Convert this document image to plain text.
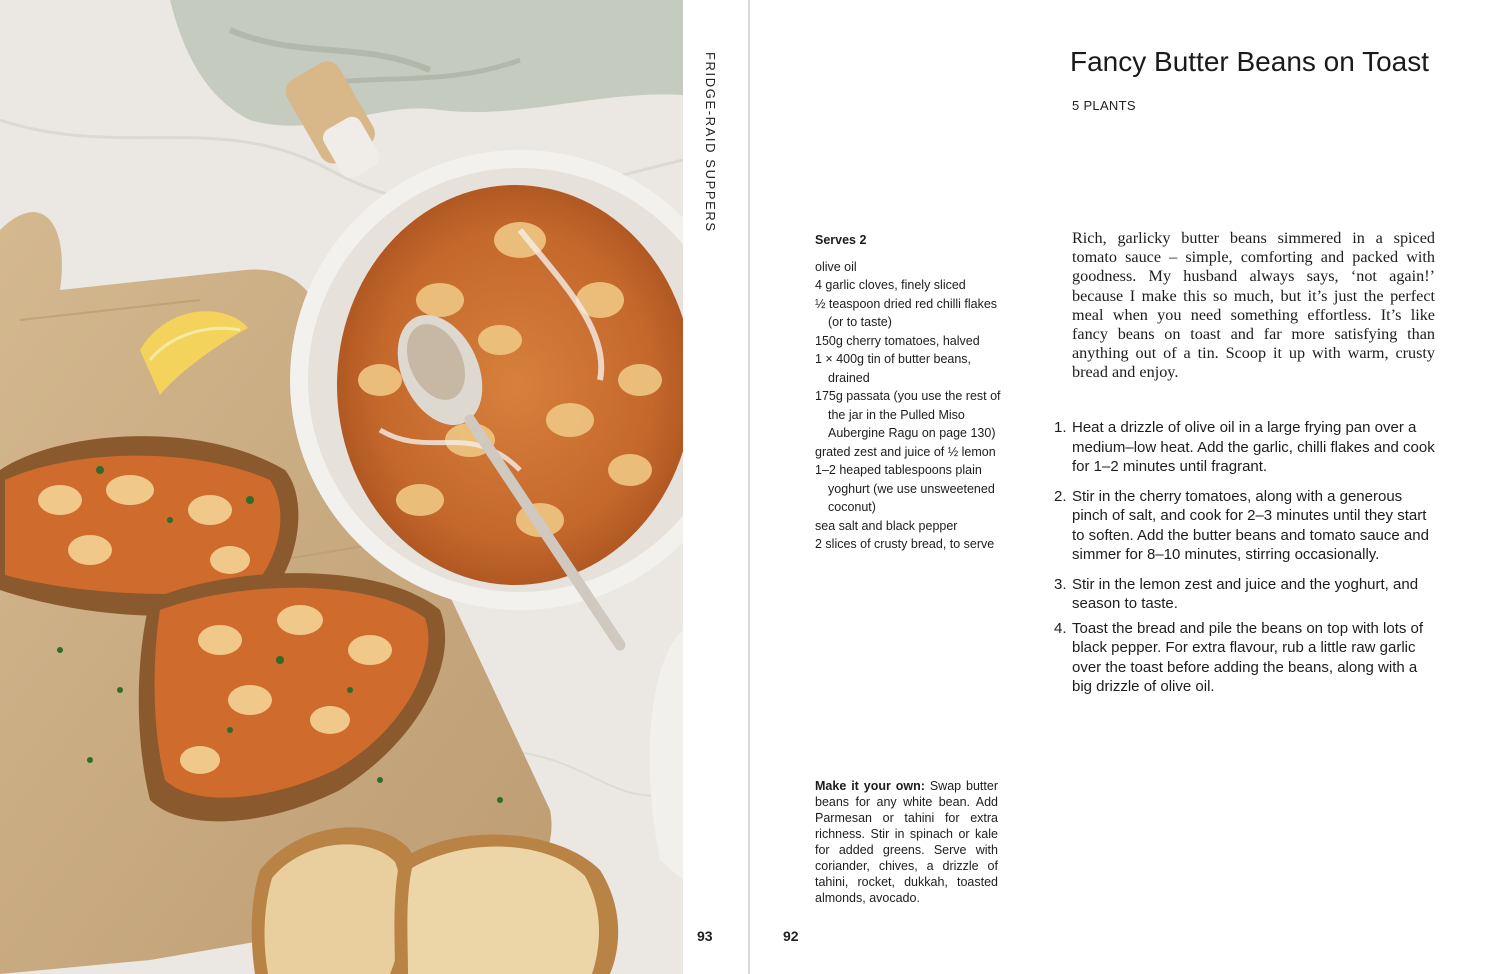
FRIDGE-RAID SUPPERS
93	92
Fancy Butter Beans on Toast
5 PLANTS
Serves 2

olive oil

4 garlic cloves, finely sliced

½ teaspoon dried red chilli flakes (or to taste)

150g cherry tomatoes, halved

1 × 400g tin of butter beans, drained

175g passata (you use the rest of the jar in the Pulled Miso Aubergine Ragu on page 130)

grated zest and juice of ½ lemon

1–2 heaped tablespoons plain yoghurt (we use unsweetened coconut)

sea salt and black pepper

2 slices of crusty bread, to serve

Make it your own: Swap butter beans for any white bean. Add Parmesan or tahini for extra richness. Stir in spinach or kale for added greens. Serve with coriander, chives, a drizzle of tahini, rocket, dukkah, toasted almonds, avocado.
Rich, garlicky butter beans simmered in a spiced tomato sauce – simple, comforting and packed with goodness. My husband always says, ‘not again!’ because I make this so much, but it’s just the perfect meal when you need something effortless. It’s like fancy beans on toast and far more satisfying than anything out of a tin. Scoop it up with warm, crusty bread and enjoy.
1. Heat a drizzle of olive oil in a large frying pan over a medium–low heat. Add the garlic, chilli flakes and cook for 1–2 minutes until fragrant.
2. Stir in the cherry tomatoes, along with a generous pinch of salt, and cook for 2–3 minutes until they start to soften. Add the butter beans and tomato sauce and simmer for 8–10 minutes, stirring occasionally.
3. Stir in the lemon zest and juice and the yoghurt, and season to taste.
4. Toast the bread and pile the beans on top with lots of black pepper. For extra flavour, rub a little raw garlic over the toast before adding the beans, along with a big drizzle of olive oil.
